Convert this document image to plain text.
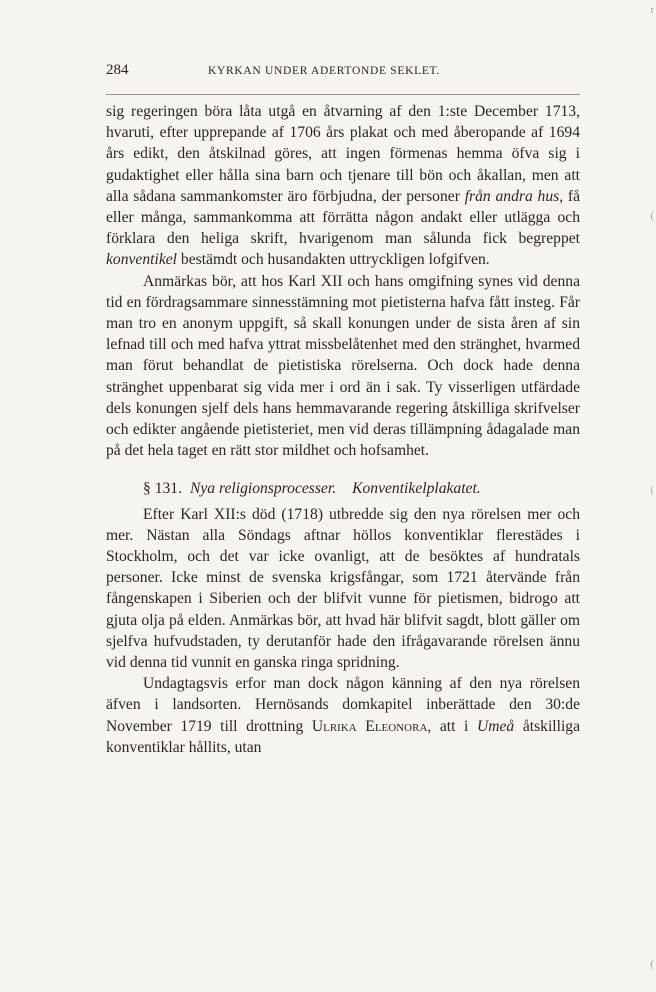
r
(
(
(
284	KYRKAN UNDER ADERTONDE SEKLET.

sig regeringen böra låta utgå en åtvarning af den 1:ste December 1713, hvaruti, efter upprepande af 1706 års plakat och med åberopande af 1694 års edikt, den åtskilnad göres, att ingen förmenas hemma öfva sig i gudaktighet eller hålla sina barn och tjenare till bön och åkallan, men att alla sådana sammankomster äro förbjudna, der personer från andra hus, få eller många, sammankomma att förrätta någon andakt eller utlägga och förklara den heliga skrift, hvarigenom man sålunda fick begreppet konventikel bestämdt och husandakten uttryckligen lofgifven.

Anmärkas bör, att hos Karl XII och hans omgifning synes vid denna tid en fördragsammare sinnesstämning mot pietisterna hafva fått insteg. Får man tro en anonym uppgift, så skall konungen under de sista åren af sin lefnad till och med hafva yttrat missbelåtenhet med den stränghet, hvarmed man förut behandlat de pietistiska rörelserna. Och dock hade denna stränghet uppenbarat sig vida mer i ord än i sak. Ty visserligen utfärdade dels konungen sjelf dels hans hemmavarande regering åtskilliga skrifvelser och edikter angående pietisteriet, men vid deras tillämpning ådagalade man på det hela taget en rätt stor mildhet och hofsamhet.

§ 131. Nya religionsprocesser. Konventikelplakatet.

Efter Karl XII:s död (1718) utbredde sig den nya rörelsen mer och mer. Nästan alla Söndags aftnar höllos konventiklar flerestädes i Stockholm, och det var icke ovanligt, att de besöktes af hundratals personer. Icke minst de svenska krigsfångar, som 1721 återvände från fångenskapen i Siberien och der blifvit vunne för pietismen, bidrogo att gjuta olja på elden. Anmärkas bör, att hvad här blifvit sagdt, blott gäller om sjelfva hufvudstaden, ty derutanför hade den ifrågavarande rörelsen ännu vid denna tid vunnit en ganska ringa spridning.

Undagtagsvis erfor man dock någon känning af den nya rörelsen äfven i landsorten. Hernösands domkapitel inberättade den 30:de November 1719 till drottning Ulrika Eleonora, att i Umeå åtskilliga konventiklar hållits, utan
